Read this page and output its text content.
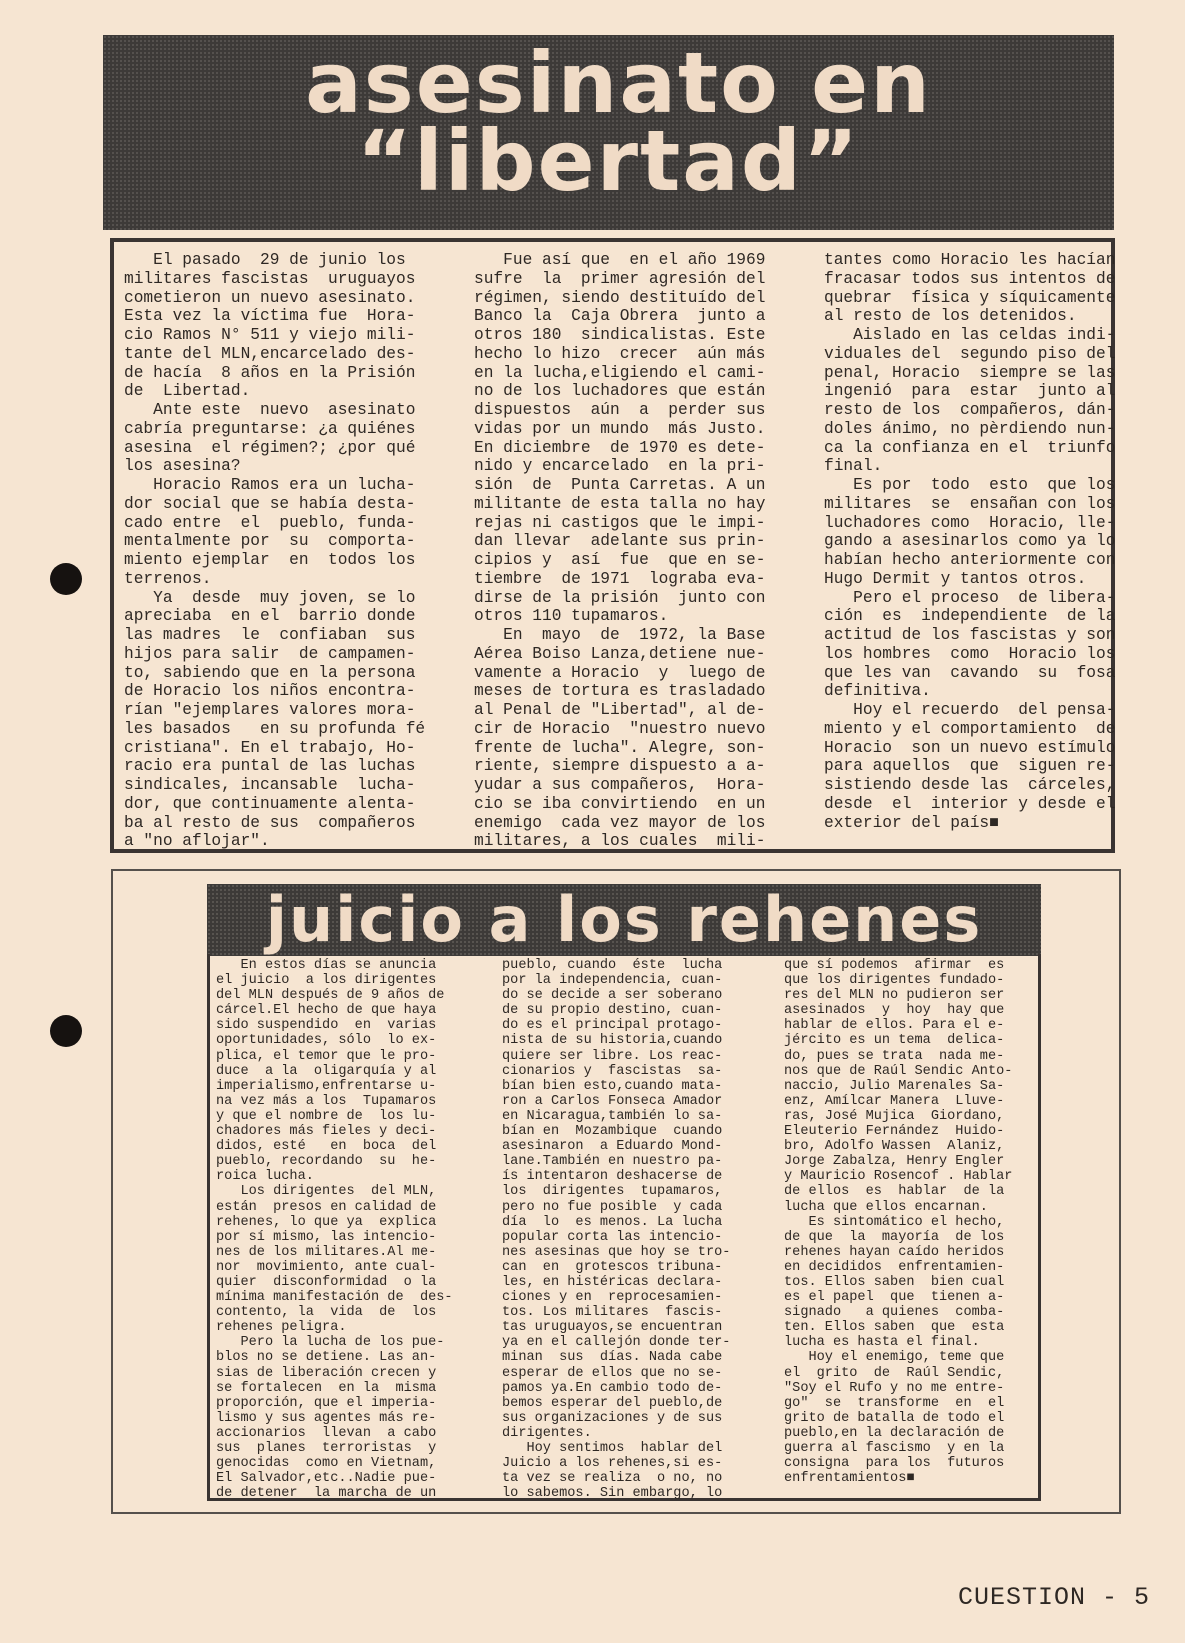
asesinato en
“libertad”
El pasado  29 de junio los
militares fascistas  uruguayos
cometieron un nuevo asesinato.
Esta vez la víctima fue  Hora-
cio Ramos N° 511 y viejo mili-
tante del MLN,encarcelado des-
de hacía  8 años en la Prisión
de  Libertad.
Ante este  nuevo  asesinato
cabría preguntarse: ¿a quiénes
asesina  el régimen?; ¿por qué
los asesina?
Horacio Ramos era un lucha-
dor social que se había desta-
cado entre  el  pueblo, funda-
mentalmente por  su  comporta-
miento ejemplar  en  todos los
terrenos.
Ya  desde  muy joven, se lo
apreciaba  en el  barrio donde
las madres  le  confiaban  sus
hijos para salir  de campamen-
to, sabiendo que en la persona
de Horacio los niños encontra-
rían "ejemplares valores mora-
les basados   en su profunda fé
cristiana". En el trabajo, Ho-
racio era puntal de las luchas
sindicales, incansable  lucha-
dor, que continuamente alenta-
ba al resto de sus  compañeros
a "no aflojar".
Fue así que  en el año 1969
sufre  la  primer agresión del
régimen, siendo destituído del
Banco la  Caja Obrera  junto a
otros 180  sindicalistas. Este
hecho lo hizo  crecer  aún más
en la lucha,eligiendo el cami-
no de los luchadores que están
dispuestos  aún  a  perder sus
vidas por un mundo  más Justo.
En diciembre  de 1970 es dete-
nido y encarcelado  en la pri-
sión  de  Punta Carretas. A un
militante de esta talla no hay
rejas ni castigos que le impi-
dan llevar  adelante sus prin-
cipios y  así  fue  que en se-
tiembre  de 1971  lograba eva-
dirse de la prisión  junto con
otros 110 tupamaros.
En  mayo  de  1972, la Base
Aérea Boiso Lanza,detiene nue-
vamente a Horacio  y  luego de
meses de tortura es trasladado
al Penal de "Libertad", al de-
cir de Horacio  "nuestro nuevo
frente de lucha". Alegre, son-
riente, siempre dispuesto a a-
yudar a sus compañeros,  Hora-
cio se iba convirtiendo  en un
enemigo  cada vez mayor de los
militares, a los cuales  mili-
tantes como Horacio les hacían
fracasar todos sus intentos de
quebrar  física y síquicamente
al resto de los detenidos.
Aislado en las celdas indi-
viduales del  segundo piso del
penal, Horacio  siempre se las
ingenió  para  estar  junto al
resto de los  compañeros, dán-
doles ánimo, no pèrdiendo nun-
ca la confianza en el  triunfo
final.
Es por  todo  esto  que los
militares  se  ensañan con los
luchadores como  Horacio, lle-
gando a asesinarlos como ya lo
habían hecho anteriormente con
Hugo Dermit y tantos otros.
Pero el proceso  de libera-
ción  es  independiente  de la
actitud de los fascistas y son
los hombres  como  Horacio los
que les van  cavando  su  fosa
definitiva.
Hoy el recuerdo  del pensa-
miento y el comportamiento  de
Horacio  son un nuevo estímulo
para aquellos  que  siguen re-
sistiendo desde las  cárceles,
desde  el  interior y desde el
exterior del país■
juicio a los rehenes
En estos días se anuncia
el juicio  a los dirigentes
del MLN después de 9 años de
cárcel.El hecho de que haya
sido suspendido  en  varias
oportunidades, sólo  lo ex-
plica, el temor que le pro-
duce  a la  oligarquía y al
imperialismo,enfrentarse u-
na vez más a los  Tupamaros
y que el nombre de  los lu-
chadores más fieles y deci-
didos, esté   en  boca  del
pueblo, recordando  su  he-
roica lucha.
Los dirigentes  del MLN,
están  presos en calidad de
rehenes, lo que ya  explica
por sí mismo, las intencio-
nes de los militares.Al me-
nor  movimiento, ante cual-
quier  disconformidad  o la
mínima manifestación de  des-
contento, la  vida  de  los
rehenes peligra.
Pero la lucha de los pue-
blos no se detiene. Las an-
sias de liberación crecen y
se fortalecen  en la  misma
proporción, que el imperia-
lismo y sus agentes más re-
accionarios  llevan  a cabo
sus  planes  terroristas  y
genocidas  como en Vietnam,
El Salvador,etc..Nadie pue-
de detener  la marcha de un
pueblo, cuando  éste  lucha
por la independencia, cuan-
do se decide a ser soberano
de su propio destino, cuan-
do es el principal protago-
nista de su historia,cuando
quiere ser libre. Los reac-
cionarios y  fascistas  sa-
bían bien esto,cuando mata-
ron a Carlos Fonseca Amador
en Nicaragua,también lo sa-
bían en  Mozambique  cuando
asesinaron  a Eduardo Mond-
lane.También en nuestro pa-
ís intentaron deshacerse de
los  dirigentes  tupamaros,
pero no fue posible  y cada
día  lo  es menos. La lucha
popular corta las intencio-
nes asesinas que hoy se tro-
can  en  grotescos tribuna-
les, en histéricas declara-
ciones y en  reprocesamien-
tos. Los militares  fascis-
tas uruguayos,se encuentran
ya en el callejón donde ter-
minan  sus  días. Nada cabe
esperar de ellos que no se-
pamos ya.En cambio todo de-
bemos esperar del pueblo,de
sus organizaciones y de sus
dirigentes.
Hoy sentimos  hablar del
Juicio a los rehenes,si es-
ta vez se realiza  o no, no
lo sabemos. Sin embargo, lo
que sí podemos  afirmar  es
que los dirigentes fundado-
res del MLN no pudieron ser
asesinados  y  hoy  hay que
hablar de ellos. Para el e-
jército es un tema  delica-
do, pues se trata  nada me-
nos que de Raúl Sendic Anto-
naccio, Julio Marenales Sa-
enz, Amílcar Manera  Lluve-
ras, José Mujica  Giordano,
Eleuterio Fernández  Huido-
bro, Adolfo Wassen  Alaniz,
Jorge Zabalza, Henry Engler
y Mauricio Rosencof . Hablar
de ellos  es  hablar  de la
lucha que ellos encarnan.
Es sintomático el hecho,
de que  la  mayoría  de los
rehenes hayan caído heridos
en decididos  enfrentamien-
tos. Ellos saben  bien cual
es el papel  que  tienen a-
signado   a quienes  comba-
ten. Ellos saben  que  esta
lucha es hasta el final.
Hoy el enemigo, teme que
el  grito  de  Raúl Sendic,
"Soy el Rufo y no me entre-
go"  se  transforme  en  el
grito de batalla de todo el
pueblo,en la declaración de
guerra al fascismo  y en la
consigna  para los  futuros
enfrentamientos■
CUESTION - 5
